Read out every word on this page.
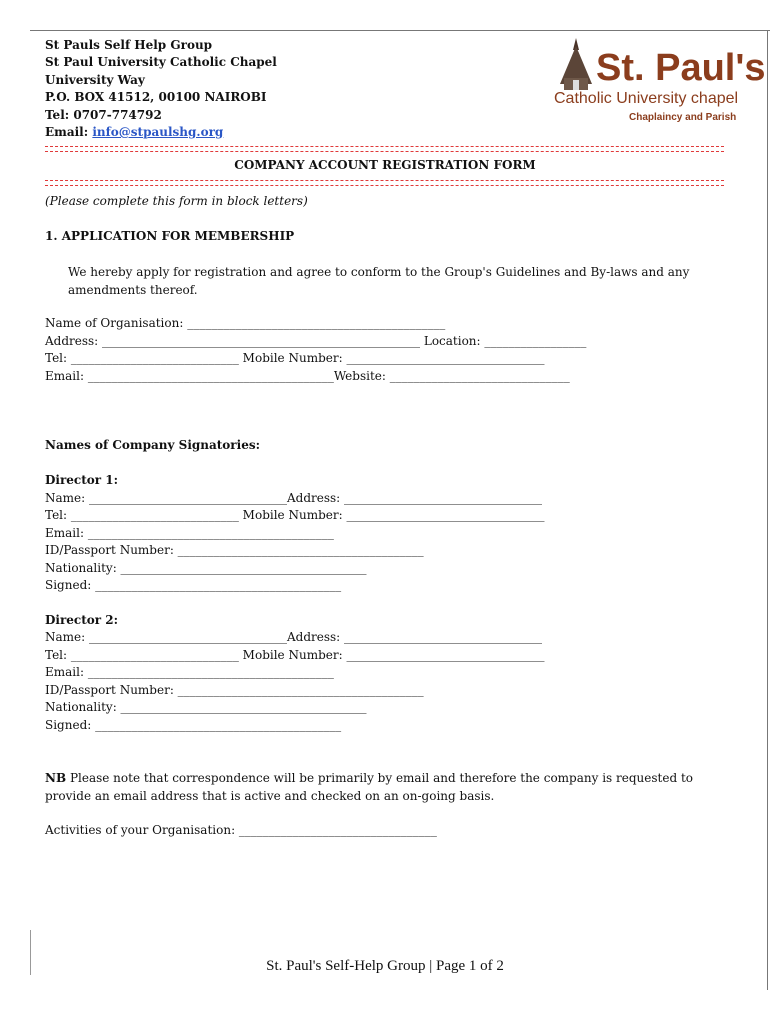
St Pauls Self Help Group
St Paul University Catholic Chapel
University Way
P.O. BOX 41512, 00100 NAIROBI
Tel: 0707-774792
Email: info@stpaulshg.org
St. Paul's
Catholic University chapel
Chaplaincy and Parish
COMPANY ACCOUNT REGISTRATION FORM
(Please complete this form in block letters)
1. APPLICATION FOR MEMBERSHIP
We hereby apply for registration and agree to conform to the Group's Guidelines and By-laws and any amendments thereof.
Name of Organisation: ___________________________________________
Address: _____________________________________________________ Location: _________________
Tel: ____________________________ Mobile Number: _________________________________
Email: _________________________________________Website: ______________________________
Names of Company Signatories:
Director 1:
Name: _________________________________Address: _________________________________
Tel: ____________________________ Mobile Number: _________________________________
Email: _________________________________________
ID/Passport Number: _________________________________________
Nationality: _________________________________________
Signed: _________________________________________
Director 2:
Name: _________________________________Address: _________________________________
Tel: ____________________________ Mobile Number: _________________________________
Email: _________________________________________
ID/Passport Number: _________________________________________
Nationality: _________________________________________
Signed: _________________________________________
NB Please note that correspondence will be primarily by email and therefore the company is requested to provide an email address that is active and checked on an on-going basis.
Activities of your Organisation: _________________________________
St. Paul's Self-Help Group | Page 1 of 2
